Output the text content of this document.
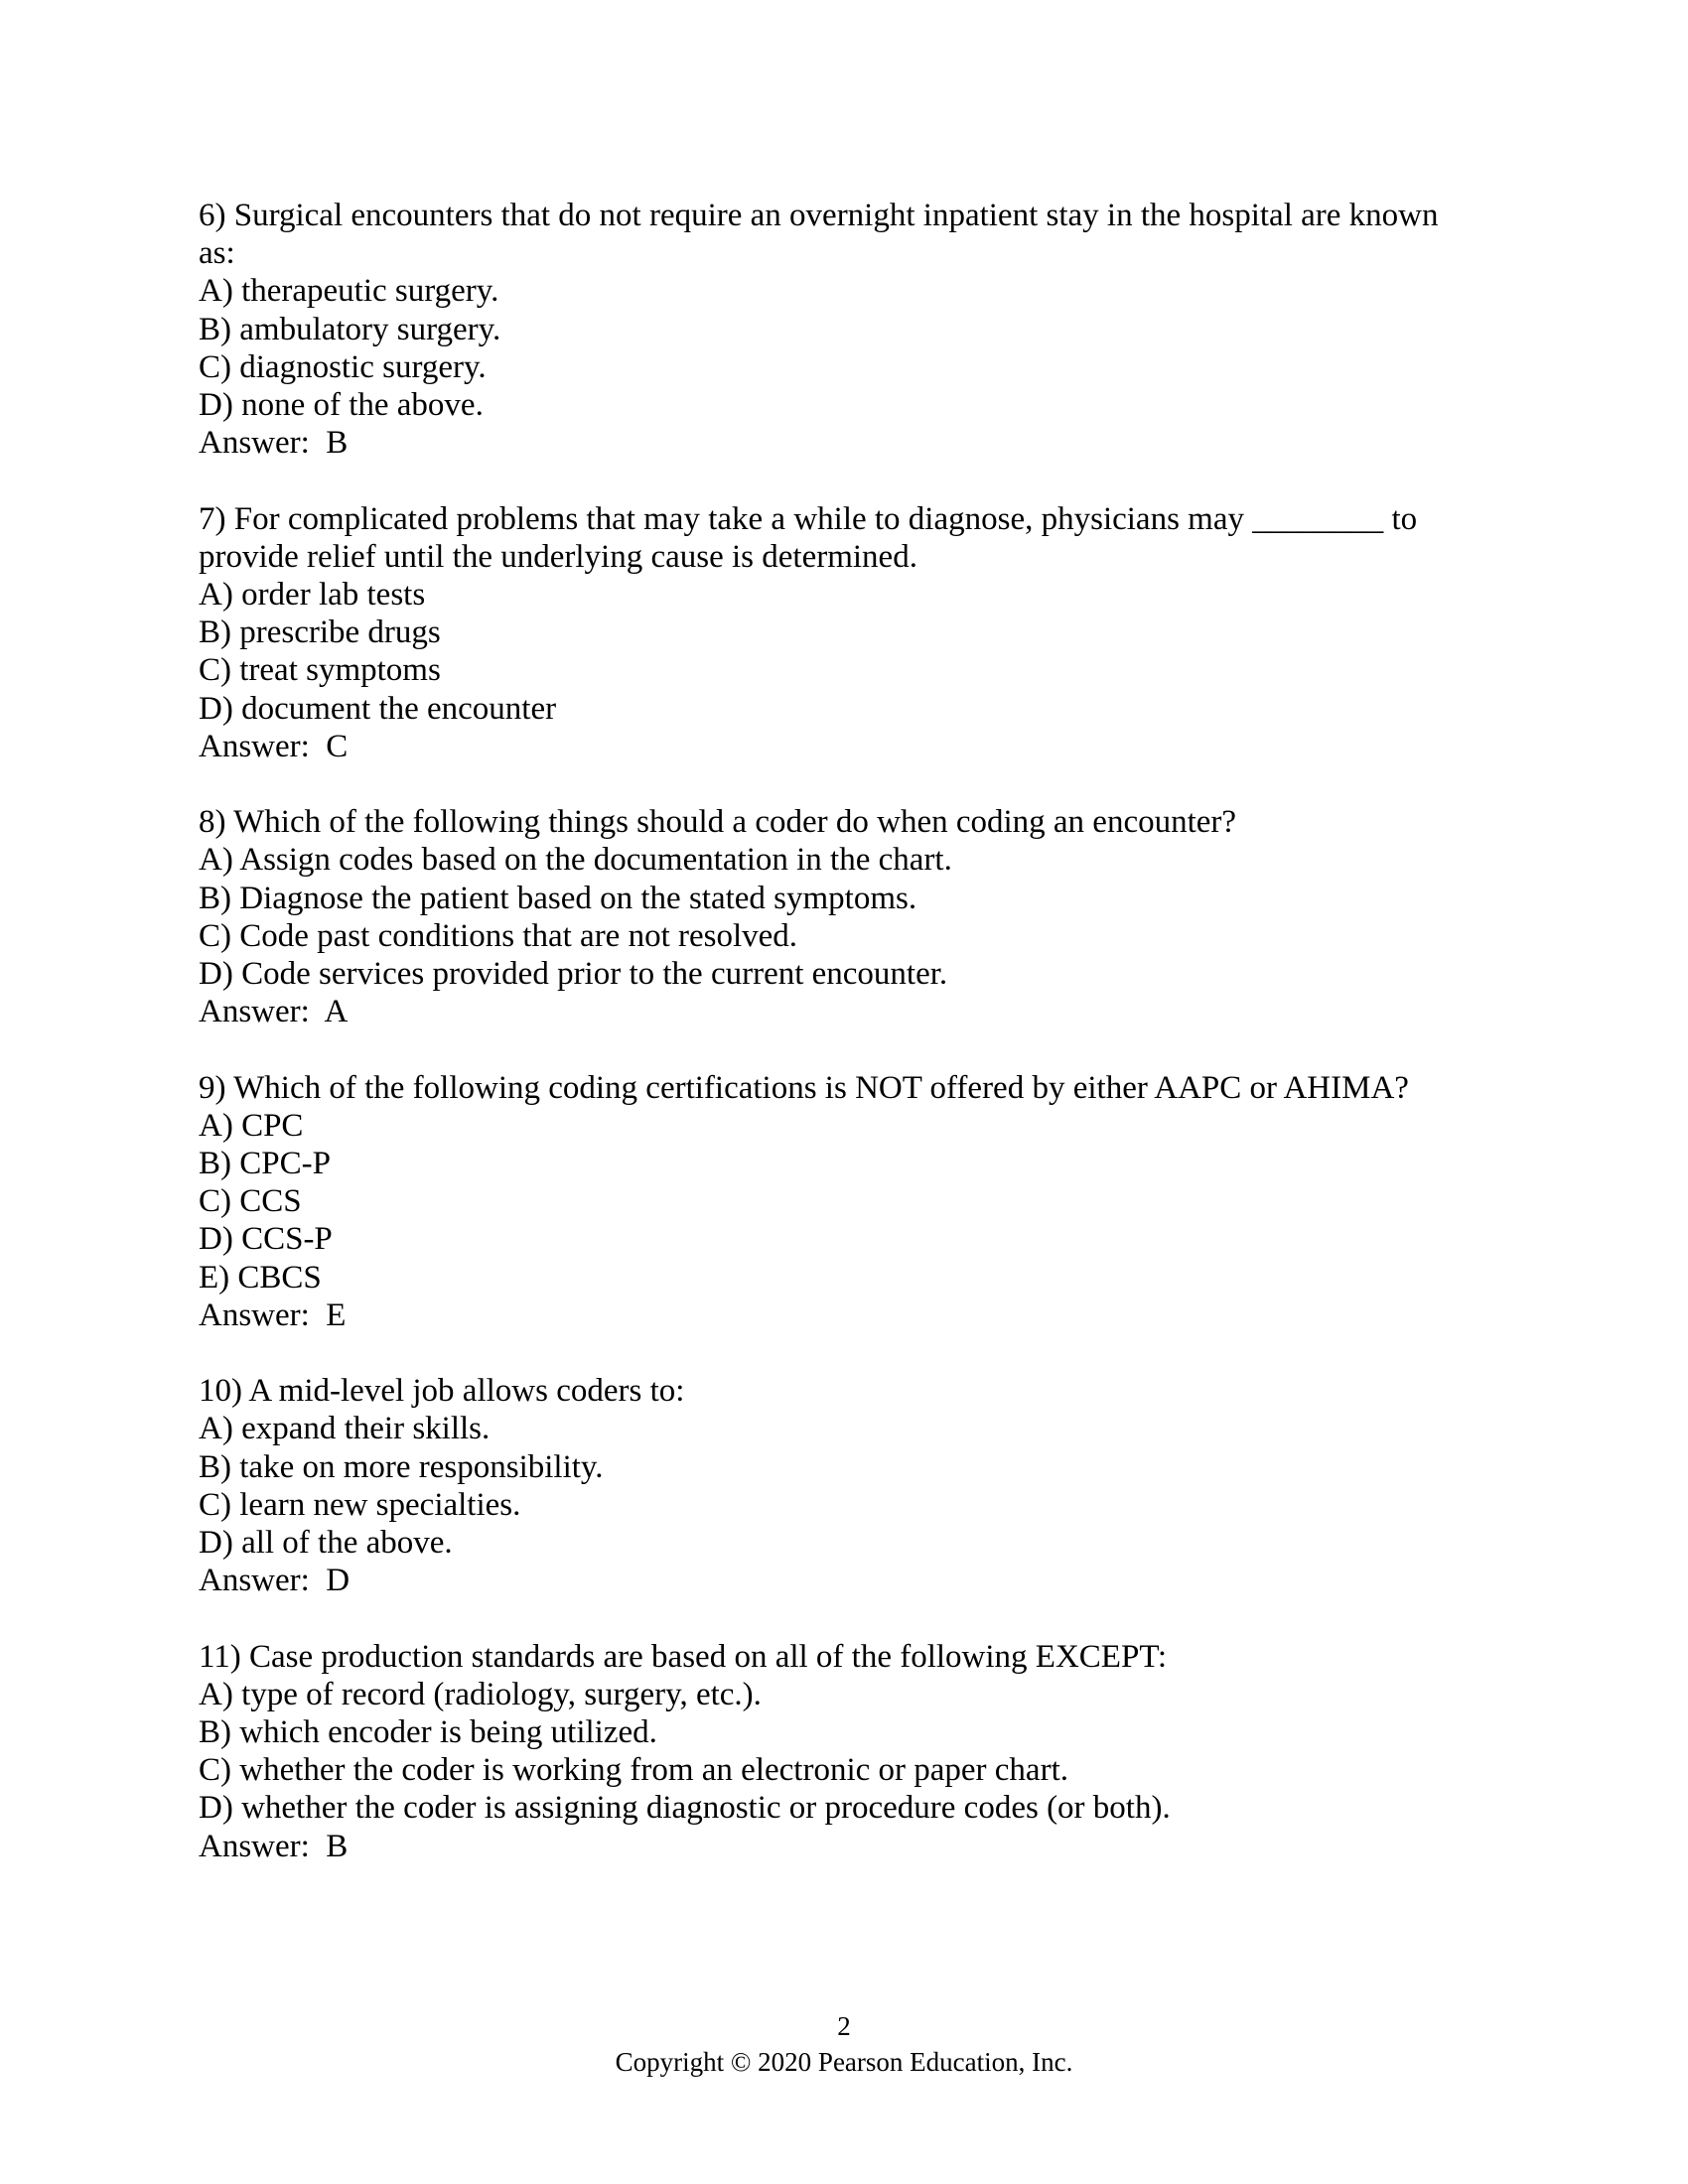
6) Surgical encounters that do not require an overnight inpatient stay in the hospital are known
as:
A) therapeutic surgery.
B) ambulatory surgery.
C) diagnostic surgery.
D) none of the above.
Answer:  B
7) For complicated problems that may take a while to diagnose, physicians may ________ to
provide relief until the underlying cause is determined.
A) order lab tests
B) prescribe drugs
C) treat symptoms
D) document the encounter
Answer:  C
8) Which of the following things should a coder do when coding an encounter?
A) Assign codes based on the documentation in the chart.
B) Diagnose the patient based on the stated symptoms.
C) Code past conditions that are not resolved.
D) Code services provided prior to the current encounter.
Answer:  A
9) Which of the following coding certifications is NOT offered by either AAPC or AHIMA?
A) CPC
B) CPC-P
C) CCS
D) CCS-P
E) CBCS
Answer:  E
10) A mid-level job allows coders to:
A) expand their skills.
B) take on more responsibility.
C) learn new specialties.
D) all of the above.
Answer:  D
11) Case production standards are based on all of the following EXCEPT:
A) type of record (radiology, surgery, etc.).
B) which encoder is being utilized.
C) whether the coder is working from an electronic or paper chart.
D) whether the coder is assigning diagnostic or procedure codes (or both).
Answer:  B
2
Copyright © 2020 Pearson Education, Inc.
